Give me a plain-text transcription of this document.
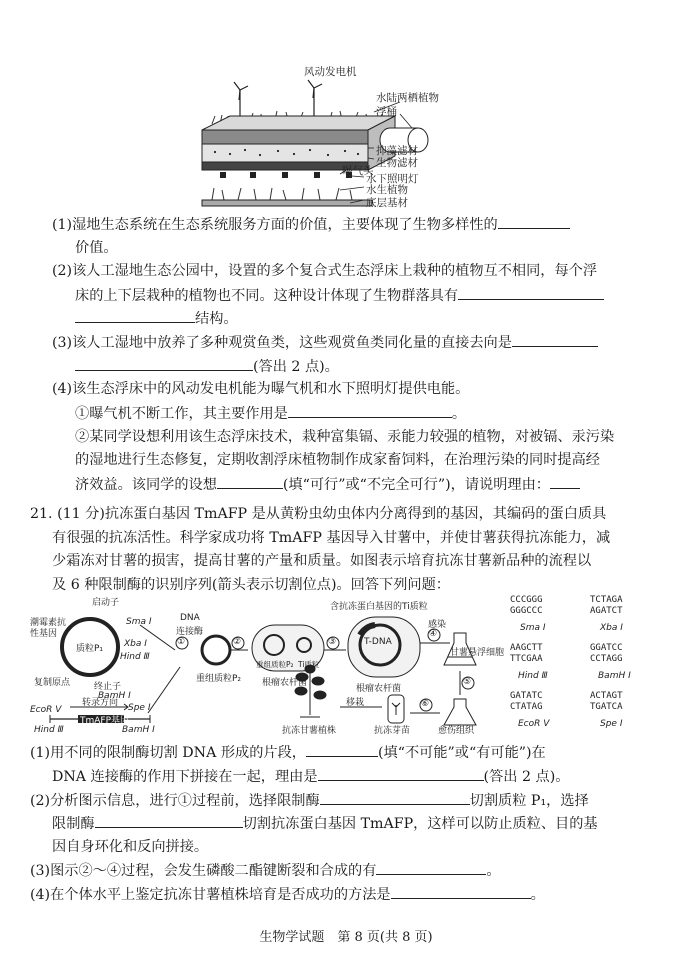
风动发电机
水陆两栖植物
浮桶
抑藻滤材
生物滤材
曝气头
水下照明灯
水生植物
底层基材
(1)湿地生态系统在生态系统服务方面的价值，主要体现了生物多样性的
价值。
(2)该人工湿地生态公园中，设置的多个复合式生态浮床上栽种的植物互不相同，每个浮
床的上下层栽种的植物也不同。这种设计体现了生物群落具有
结构。
(3)该人工湿地中放养了多种观赏鱼类，这些观赏鱼类同化量的直接去向是
(答出 2 点)。
(4)该生态浮床中的风动发电机能为曝气机和水下照明灯提供电能。
①曝气机不断工作，其主要作用是	。
②某同学设想利用该生态浮床技术，栽种富集镉、汞能力较强的植物，对被镉、汞污染
的湿地进行生态修复，定期收割浮床植物制作成家畜饲料，在治理污染的同时提高经
济效益。该同学的设想	(填“可行”或“不完全可行”)，请说明理由：
21. (11 分)抗冻蛋白基因 TmAFP 是从黄粉虫幼虫体内分离得到的基因，其编码的蛋白质具
有很强的抗冻活性。科学家成功将 TmAFP 基因导入甘薯中，并使甘薯获得抗冻能力，减
少霜冻对甘薯的损害，提高甘薯的产量和质量。如图表示培育抗冻甘薯新品种的流程以
及 6 种限制酶的识别序列(箭头表示切割位点)。回答下列问题：
启动子
潮霉素抗
性基因
质粒P₁
Sma Ⅰ
Xba Ⅰ
Hind Ⅲ
复制原点	终止子
BamH Ⅰ
转录方向
EcoR Ⅴ	Spe Ⅰ
TmAFP基因
Hind Ⅲ	BamH Ⅰ
DNA
连接酶
重组质粒P₂
重组质粒P₂ Ti质粒
根瘤农杆菌
含抗冻蛋白基因的Ti质粒
T-DNA
根瘤农杆菌
感染
甘薯悬浮细胞
移栽
抗冻甘薯植株	抗冻芽苗	愈伤组织
①	②	③
④
⑤
⑥
CCCGGG
GGGCCC
Sma Ⅰ
TCTAGA
AGATCT
Xba Ⅰ
AAGCTT
TTCGAA
Hind Ⅲ
GGATCC
CCTAGG
BamH Ⅰ
GATATC
CTATAG
EcoR Ⅴ
ACTAGT
TGATCA
Spe Ⅰ
(1)用不同的限制酶切割 DNA 形成的片段，	(填“不可能”或“有可能”)在
DNA 连接酶的作用下拼接在一起，理由是	(答出 2 点)。
(2)分析图示信息，进行①过程前，选择限制酶	切割质粒 P₁，选择
限制酶	切割抗冻蛋白基因 TmAFP，这样可以防止质粒、目的基
因自身环化和反向拼接。
(3)图示②～④过程，会发生磷酸二酯键断裂和合成的有	。
(4)在个体水平上鉴定抗冻甘薯植株培育是否成功的方法是	。
生物学试题　第 8 页(共 8 页)
